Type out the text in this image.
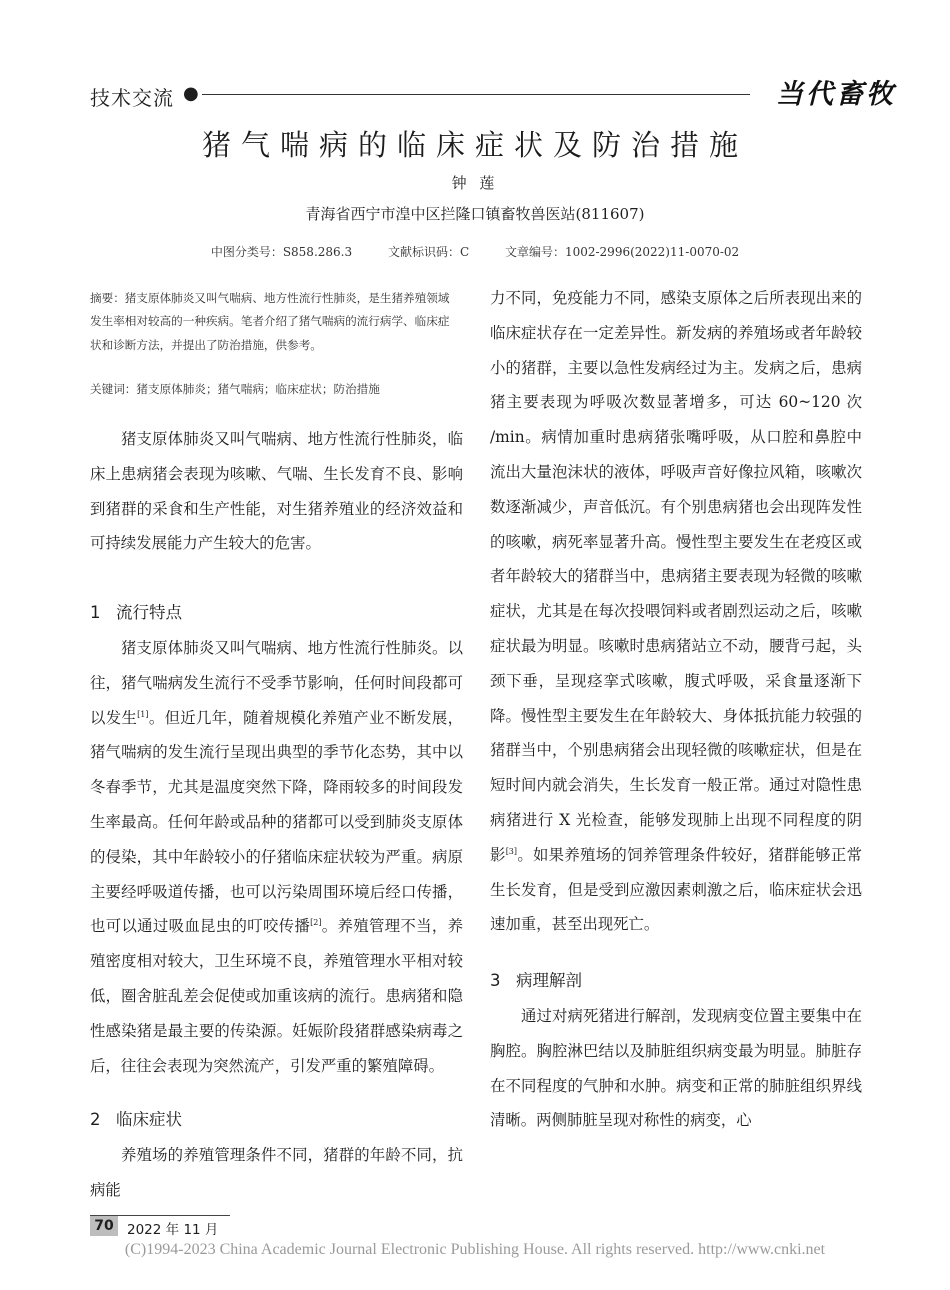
技术交流 ●	当代畜牧
猪气喘病的临床症状及防治措施
钟 莲
青海省西宁市湟中区拦隆口镇畜牧兽医站(811607)
中图分类号：S858.286.3	文献标识码：C	文章编号：1002-2996(2022)11-0070-02
摘要：猪支原体肺炎又叫气喘病、地方性流行性肺炎，是生猪养殖领域发生率相对较高的一种疾病。笔者介绍了猪气喘病的流行病学、临床症状和诊断方法，并提出了防治措施，供参考。
关键词：猪支原体肺炎；猪气喘病；临床症状；防治措施

猪支原体肺炎又叫气喘病、地方性流行性肺炎，临床上患病猪会表现为咳嗽、气喘、生长发育不良、影响到猪群的采食和生产性能，对生猪养殖业的经济效益和可持续发展能力产生较大的危害。

1 流行特点

猪支原体肺炎又叫气喘病、地方性流行性肺炎。以往，猪气喘病发生流行不受季节影响，任何时间段都可以发生[1]。但近几年，随着规模化养殖产业不断发展，猪气喘病的发生流行呈现出典型的季节化态势，其中以冬春季节，尤其是温度突然下降，降雨较多的时间段发生率最高。任何年龄或品种的猪都可以受到肺炎支原体的侵染，其中年龄较小的仔猪临床症状较为严重。病原主要经呼吸道传播，也可以污染周围环境后经口传播，也可以通过吸血昆虫的叮咬传播[2]。养殖管理不当，养殖密度相对较大，卫生环境不良，养殖管理水平相对较低，圈舍脏乱差会促使或加重该病的流行。患病猪和隐性感染猪是最主要的传染源。妊娠阶段猪群感染病毒之后，往往会表现为突然流产，引发严重的繁殖障碍。

2 临床症状

养殖场的养殖管理条件不同，猪群的年龄不同，抗病能

力不同，免疫能力不同，感染支原体之后所表现出来的临床症状存在一定差异性。新发病的养殖场或者年龄较小的猪群，主要以急性发病经过为主。发病之后，患病猪主要表现为呼吸次数显著增多，可达 60~120 次 /min。病情加重时患病猪张嘴呼吸，从口腔和鼻腔中流出大量泡沫状的液体，呼吸声音好像拉风箱，咳嗽次数逐渐减少，声音低沉。有个别患病猪也会出现阵发性的咳嗽，病死率显著升高。慢性型主要发生在老疫区或者年龄较大的猪群当中，患病猪主要表现为轻微的咳嗽症状，尤其是在每次投喂饲料或者剧烈运动之后，咳嗽症状最为明显。咳嗽时患病猪站立不动，腰背弓起，头颈下垂，呈现痉挛式咳嗽，腹式呼吸，采食量逐渐下降。慢性型主要发生在年龄较大、身体抵抗能力较强的猪群当中，个别患病猪会出现轻微的咳嗽症状，但是在短时间内就会消失，生长发育一般正常。通过对隐性患病猪进行 X 光检查，能够发现肺上出现不同程度的阴影[3]。如果养殖场的饲养管理条件较好，猪群能够正常生长发育，但是受到应激因素刺激之后，临床症状会迅速加重，甚至出现死亡。

3 病理解剖

通过对病死猪进行解剖，发现病变位置主要集中在胸腔。胸腔淋巴结以及肺脏组织病变最为明显。肺脏存在不同程度的气肿和水肿。病变和正常的肺脏组织界线清晰。两侧肺脏呈现对称性的病变，心

70 2022 年 11 月
(C)1994-2023 China Academic Journal Electronic Publishing House. All rights reserved. http://www.cnki.net
